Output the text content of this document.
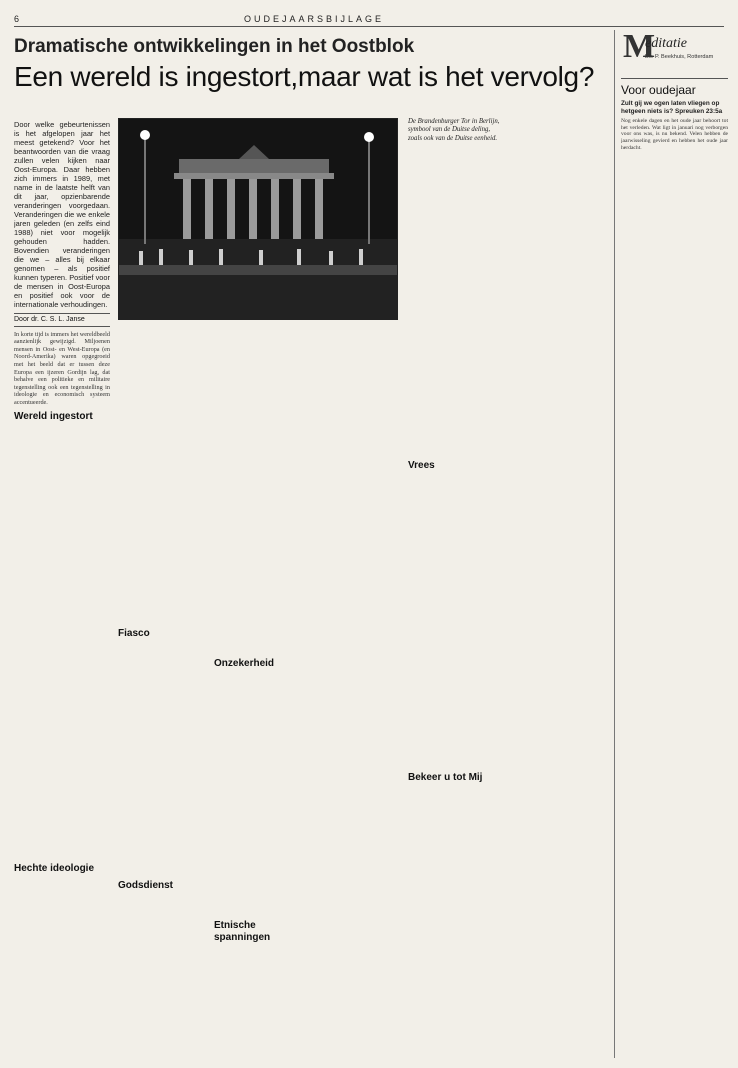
6	OUDEJAARSBIJLAGE
Dramatische ontwikkelingen in het Oostblok
Een wereld is ingestort,maar wat is het vervolg?

Door welke gebeurtenissen is het afgelopen jaar het meest getekend? Voor het beantwoorden van die vraag zullen velen kijken naar Oost-Europa. Daar hebben zich immers in 1989, met name in de laatste helft van dit jaar, opzienbarende veranderingen voorgedaan. Veranderingen die we enkele jaren geleden (en zelfs eind 1988) niet voor mogelijk gehouden hadden. Bovendien veranderingen die we – alles bij elkaar genomen – als positief kunnen typeren. Positief voor de mensen in Oost-Europa en positief ook voor de internationale verhoudingen.

Door dr. C. S. L. Janse

In korte tijd is immers het wereldbeeld aanzienlijk gewijzigd. Miljoenen mensen in Oost- en West-Europa (en Noord-Amerika) waren opgegroeid met het beeld dat er tussen deze Europa een ijzeren Gordijn lag, dat behalve een politieke en militaire tegenstelling ook een tegenstelling in ideologie en economisch systeem accentueerde.

Wereld ingestort
Hechte ideologie
De Brandenburger Tor in Berlijn, symbool van de Duitse deling, zoals ook van de Duitse eenheid.
Fiasco
Godsdienst
Onzekerheid
Etnische spanningen
Vrees
Bekeer u tot Mij
M
editatie
Ds. P. Beekhuis, Rotterdam
Voor oudejaar
Zult gij we ogen laten vliegen op hetgeen niets is? Spreuken 23:5a
Nog enkele dagen en het oude jaar behoort tot het verleden. Wat ligt in januari nog verborgen voor ons was, is nu bekend. Velen hebben de jaarwisseling gevierd en hebben het oude jaar herdacht.
